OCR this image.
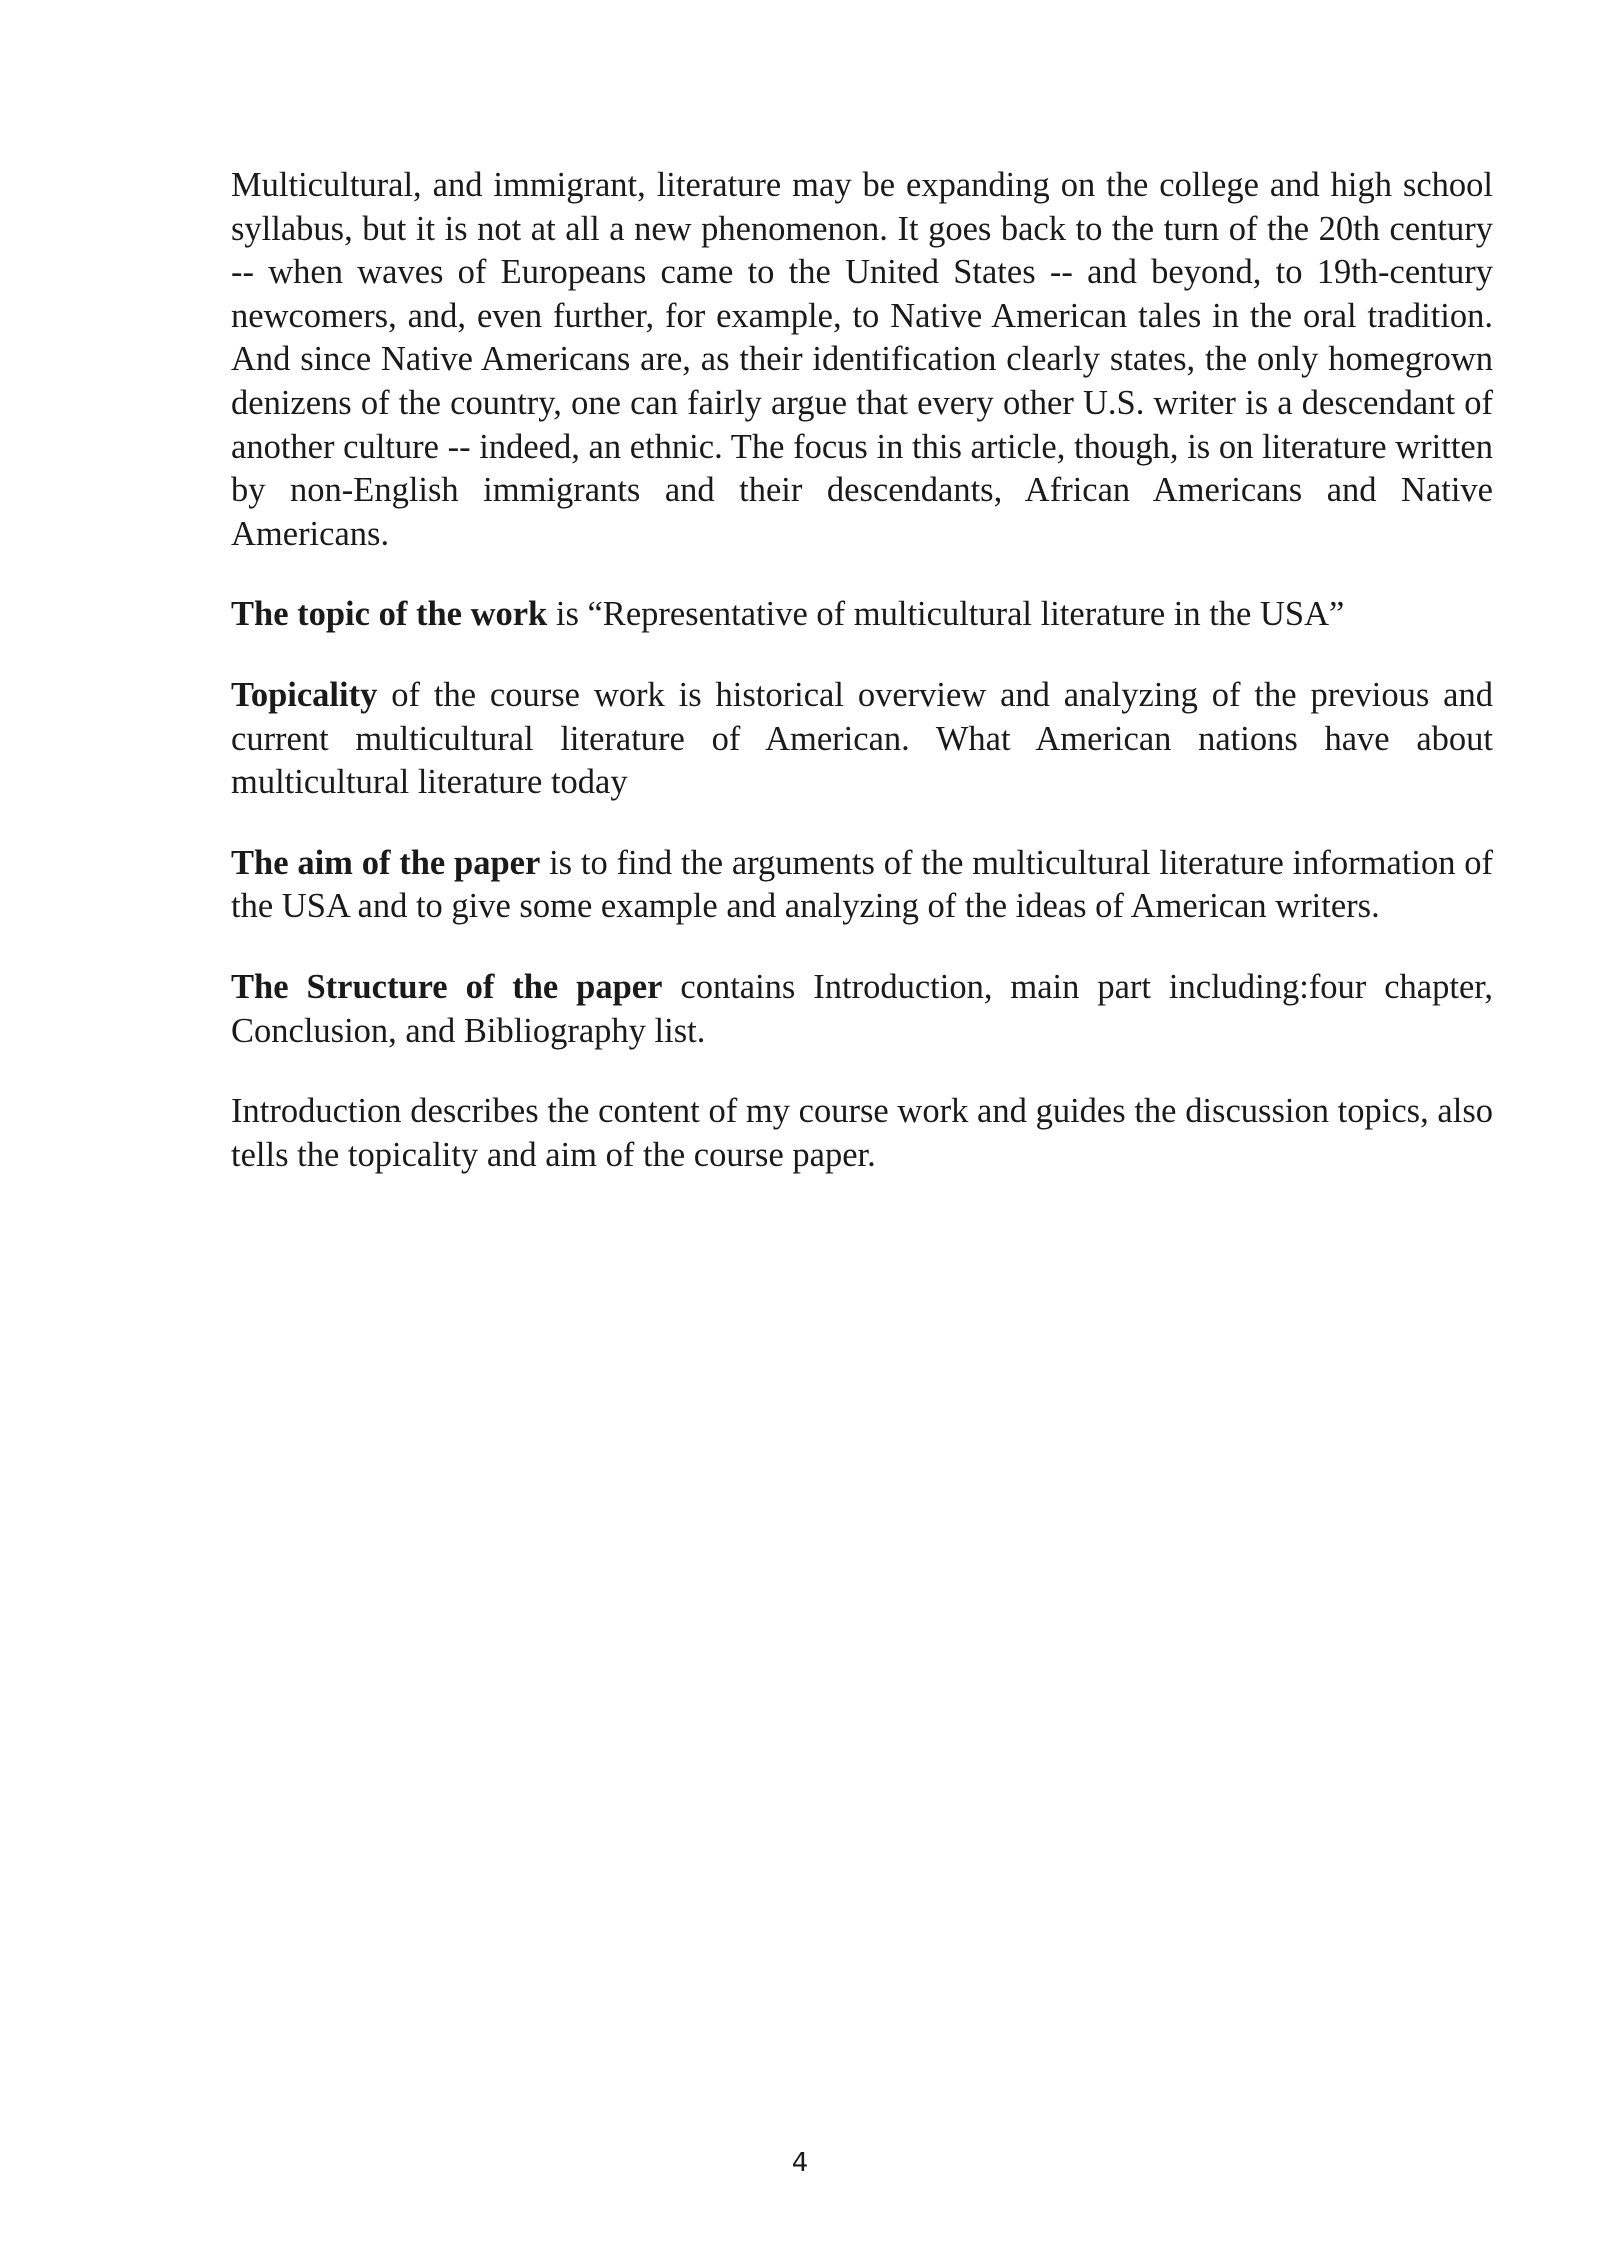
Multicultural, and immigrant, literature may be expanding on the college and high school syllabus, but it is not at all a new phenomenon. It goes back to the turn of the 20th century -- when waves of Europeans came to the United States -- and beyond, to 19th-century newcomers, and, even further, for example, to Native American tales in the oral tradition. And since Native Americans are, as their identification clearly states, the only homegrown denizens of the country, one can fairly argue that every other U.S. writer is a descendant of another culture -- indeed, an ethnic. The focus in this article, though, is on literature written by non-English immigrants and their descendants, African Americans and Native Americans.

The topic of the work is “Representative of multicultural literature in the USA”

Topicality of the course work is historical overview and analyzing of the previous and current multicultural literature of American. What American nations have about multicultural literature today

The aim of the paper is to find the arguments of the multicultural literature information of the USA and to give some example and analyzing of the ideas of American writers.

The Structure of the paper contains Introduction, main part including:four chapter, Conclusion, and Bibliography list.

Introduction describes the content of my course work and guides the discussion topics, also tells the topicality and aim of the course paper.

4
